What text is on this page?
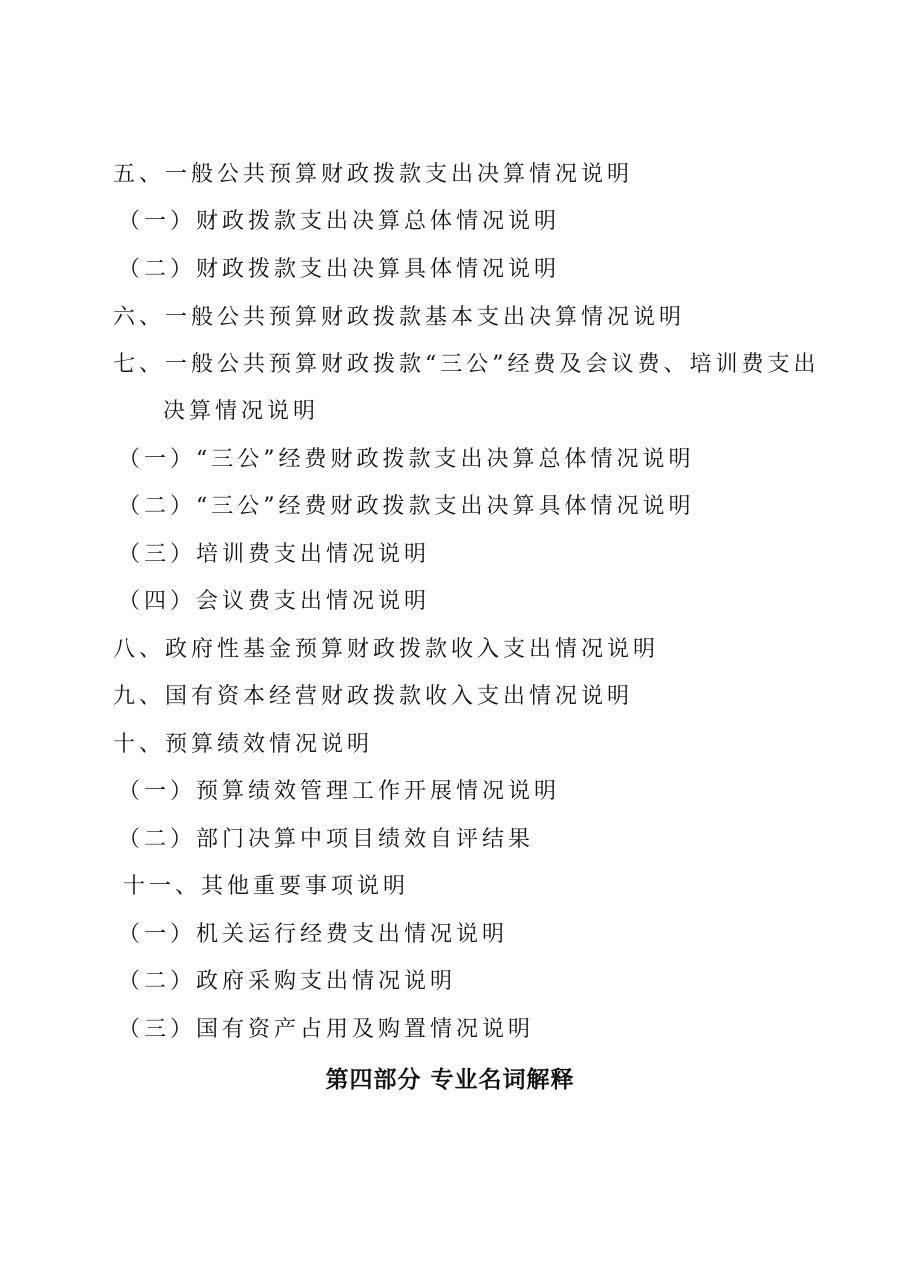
五、一般公共预算财政拨款支出决算情况说明
（一）财政拨款支出决算总体情况说明
（二）财政拨款支出决算具体情况说明
六、一般公共预算财政拨款基本支出决算情况说明
七、一般公共预算财政拨款“三公”经费及会议费、培训费支出
决算情况说明
（一）“三公”经费财政拨款支出决算总体情况说明
（二）“三公”经费财政拨款支出决算具体情况说明
（三）培训费支出情况说明
（四）会议费支出情况说明
八、政府性基金预算财政拨款收入支出情况说明
九、国有资本经营财政拨款收入支出情况说明
十、预算绩效情况说明
（一）预算绩效管理工作开展情况说明
（二）部门决算中项目绩效自评结果
十一、其他重要事项说明
（一）机关运行经费支出情况说明
（二）政府采购支出情况说明
（三）国有资产占用及购置情况说明
第四部分 专业名词解释
